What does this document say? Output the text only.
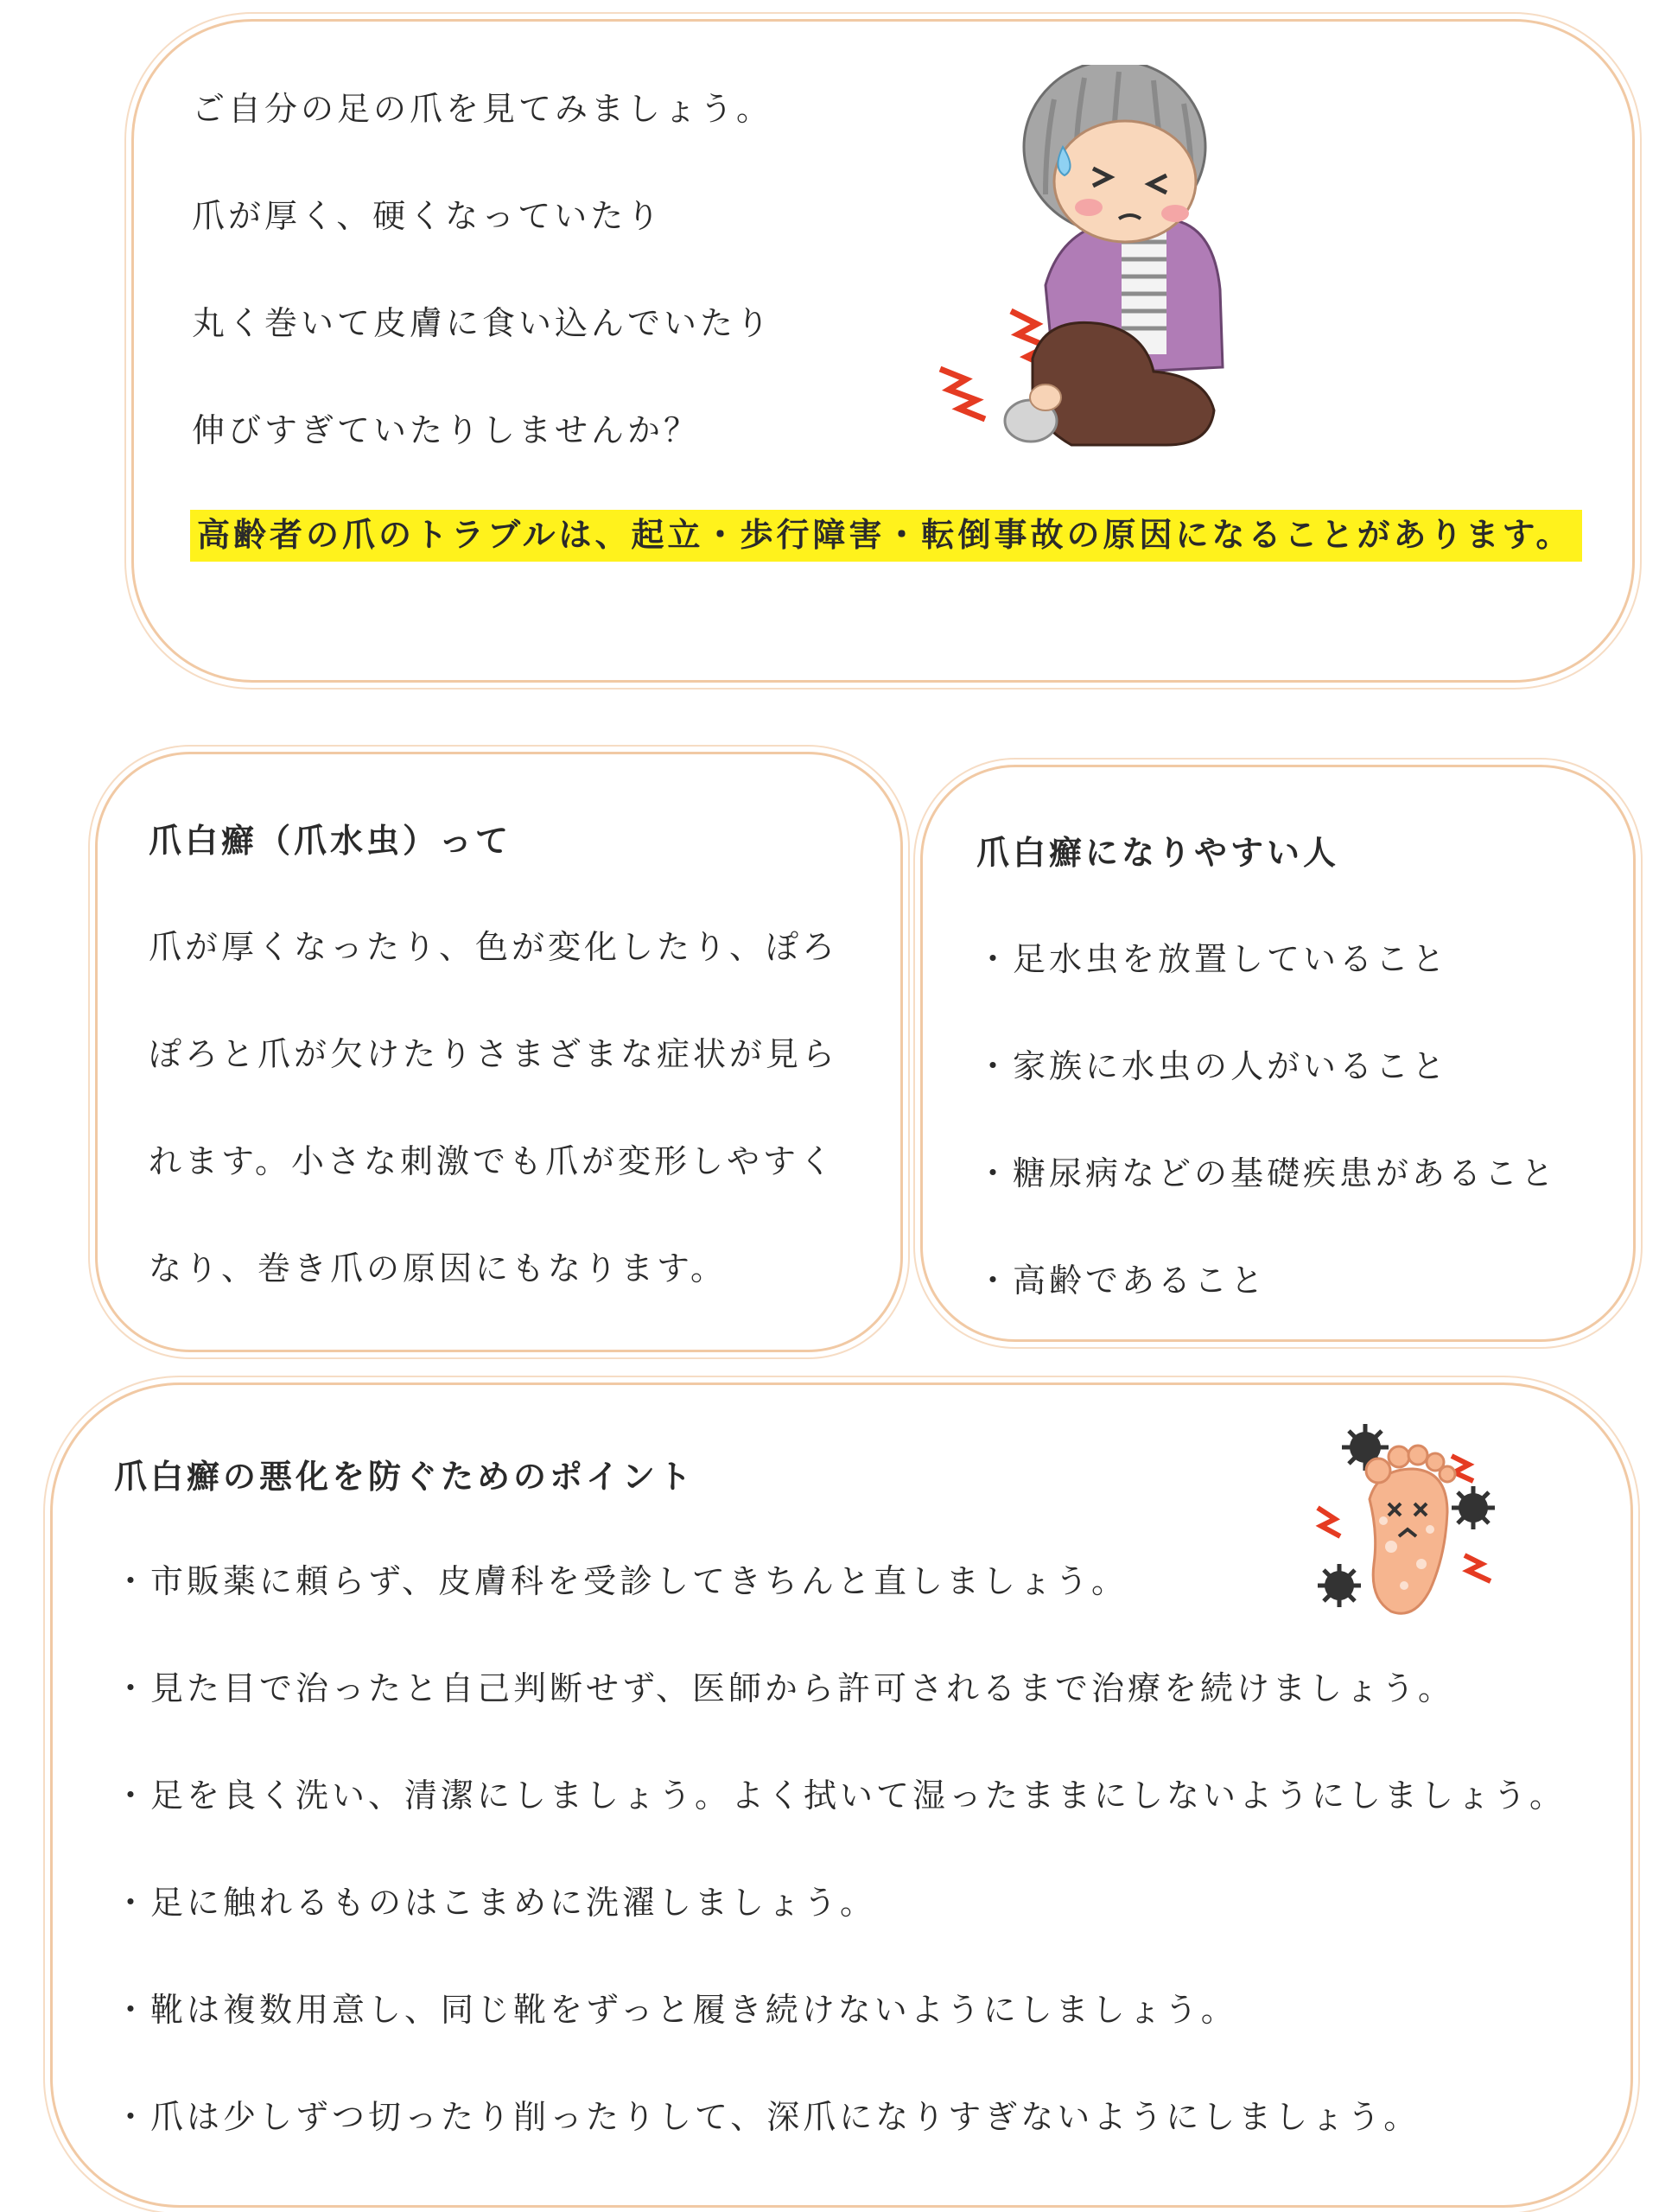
ご自分の足の爪を見てみましょう。
爪が厚く、硬くなっていたり
丸く巻いて皮膚に食い込んでいたり
伸びすぎていたりしませんか？
高齢者の爪のトラブルは、起立・歩行障害・転倒事故の原因になることがあります。
爪白癬（爪水虫）って
爪が厚くなったり、色が変化したり、ぽろ
ぽろと爪が欠けたりさまざまな症状が見ら
れます。小さな刺激でも爪が変形しやすく
なり、巻き爪の原因にもなります。
爪白癬になりやすい人
・足水虫を放置していること
・家族に水虫の人がいること
・糖尿病などの基礎疾患があること
・高齢であること
爪白癬の悪化を防ぐためのポイント
・市販薬に頼らず、皮膚科を受診してきちんと直しましょう。
・見た目で治ったと自己判断せず、医師から許可されるまで治療を続けましょう。
・足を良く洗い、清潔にしましょう。よく拭いて湿ったままにしないようにしましょう。
・足に触れるものはこまめに洗濯しましょう。
・靴は複数用意し、同じ靴をずっと履き続けないようにしましょう。
・爪は少しずつ切ったり削ったりして、深爪になりすぎないようにしましょう。
